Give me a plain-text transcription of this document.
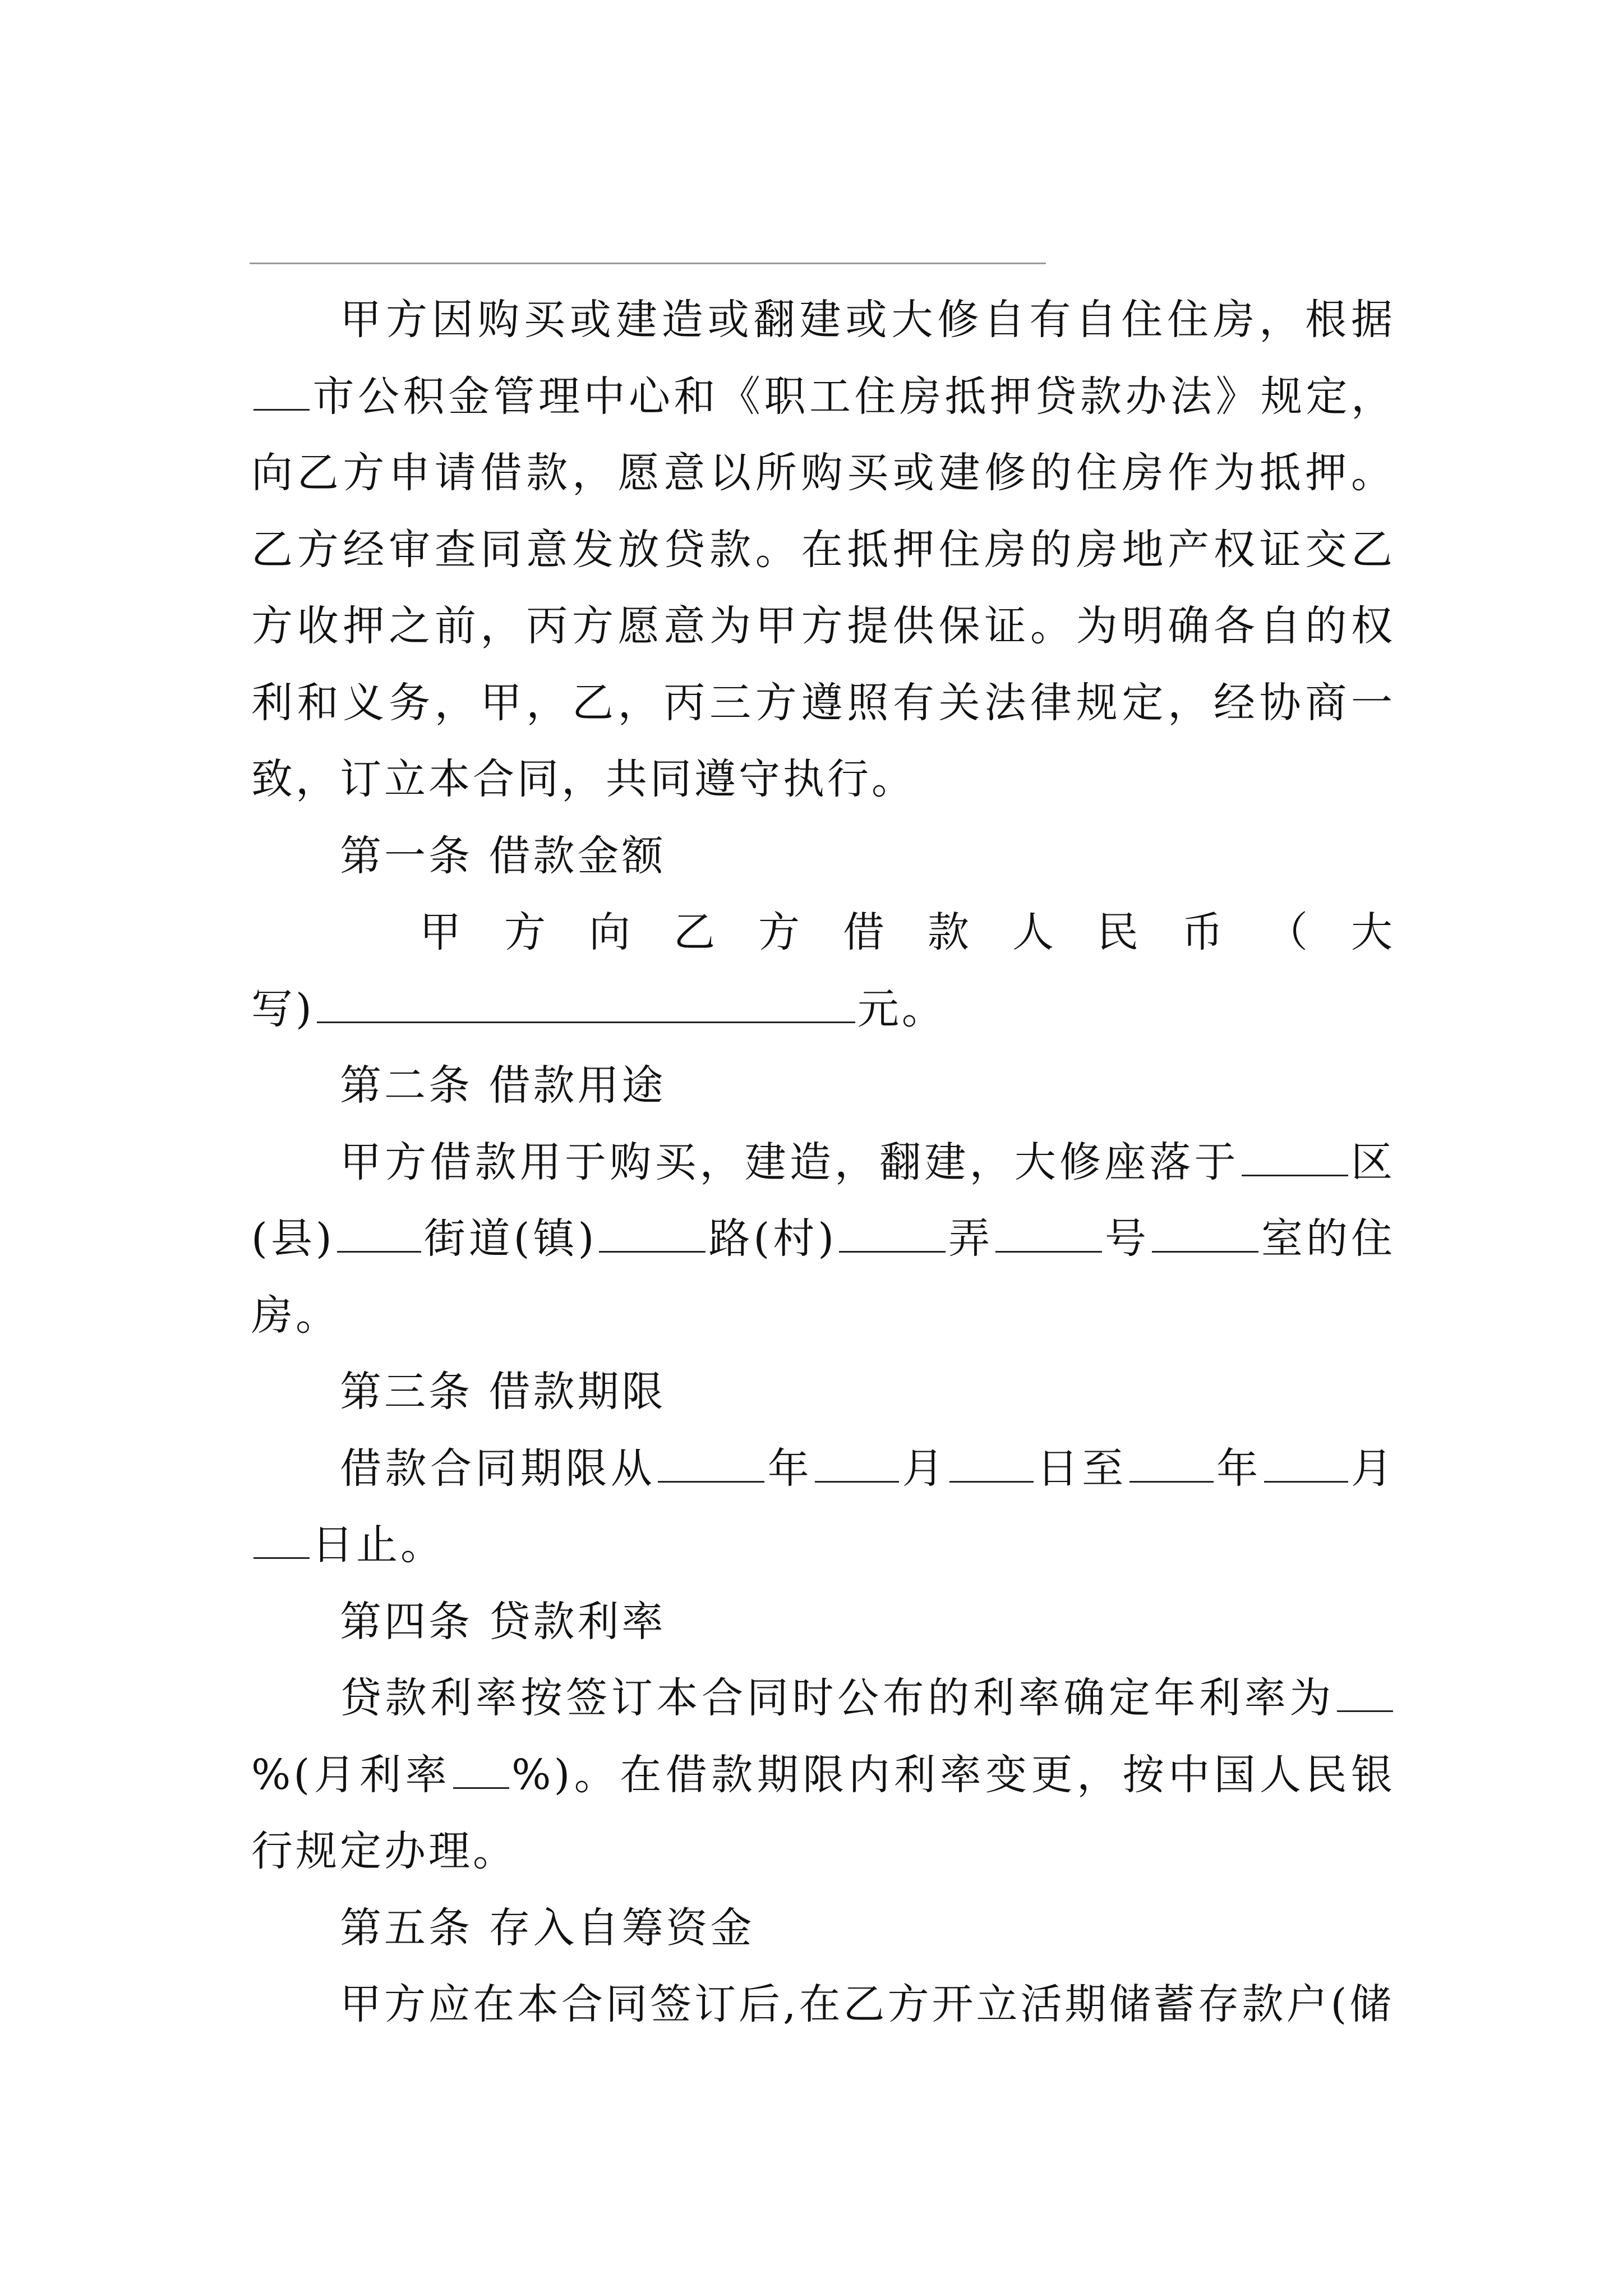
甲方因购买或建造或翻建或大修自有自住住房，根据市公积金管理中心和《职工住房抵押贷款办法》规定，向乙方申请借款，愿意以所购买或建修的住房作为抵押。乙方经审查同意发放贷款。在抵押住房的房地产权证交乙方收押之前，丙方愿意为甲方提供保证。为明确各自的权利和义务，甲，乙，丙三方遵照有关法律规定，经协商一致，订立本合同，共同遵守执行。

第一条 借款金额

甲 方 向 乙 方 借 款 人 民 币 （ 大

写)	元。

第二条 借款用途

甲方借款用于购买，建造，翻建，大修座落于	区(县) 街道(镇)	路(村)	弄	号	室的住房。

第三条 借款期限

借款合同期限从	年 月 日至 年 月日止。

第四条 贷款利率

贷款利率按签订本合同时公布的利率确定年利率为%(月利率 %)。在借款期限内利率变更，按中国人民银行规定办理。

第五条 存入自筹资金

甲方应在本合同签订后,在乙方开立活期储蓄存款户(储
